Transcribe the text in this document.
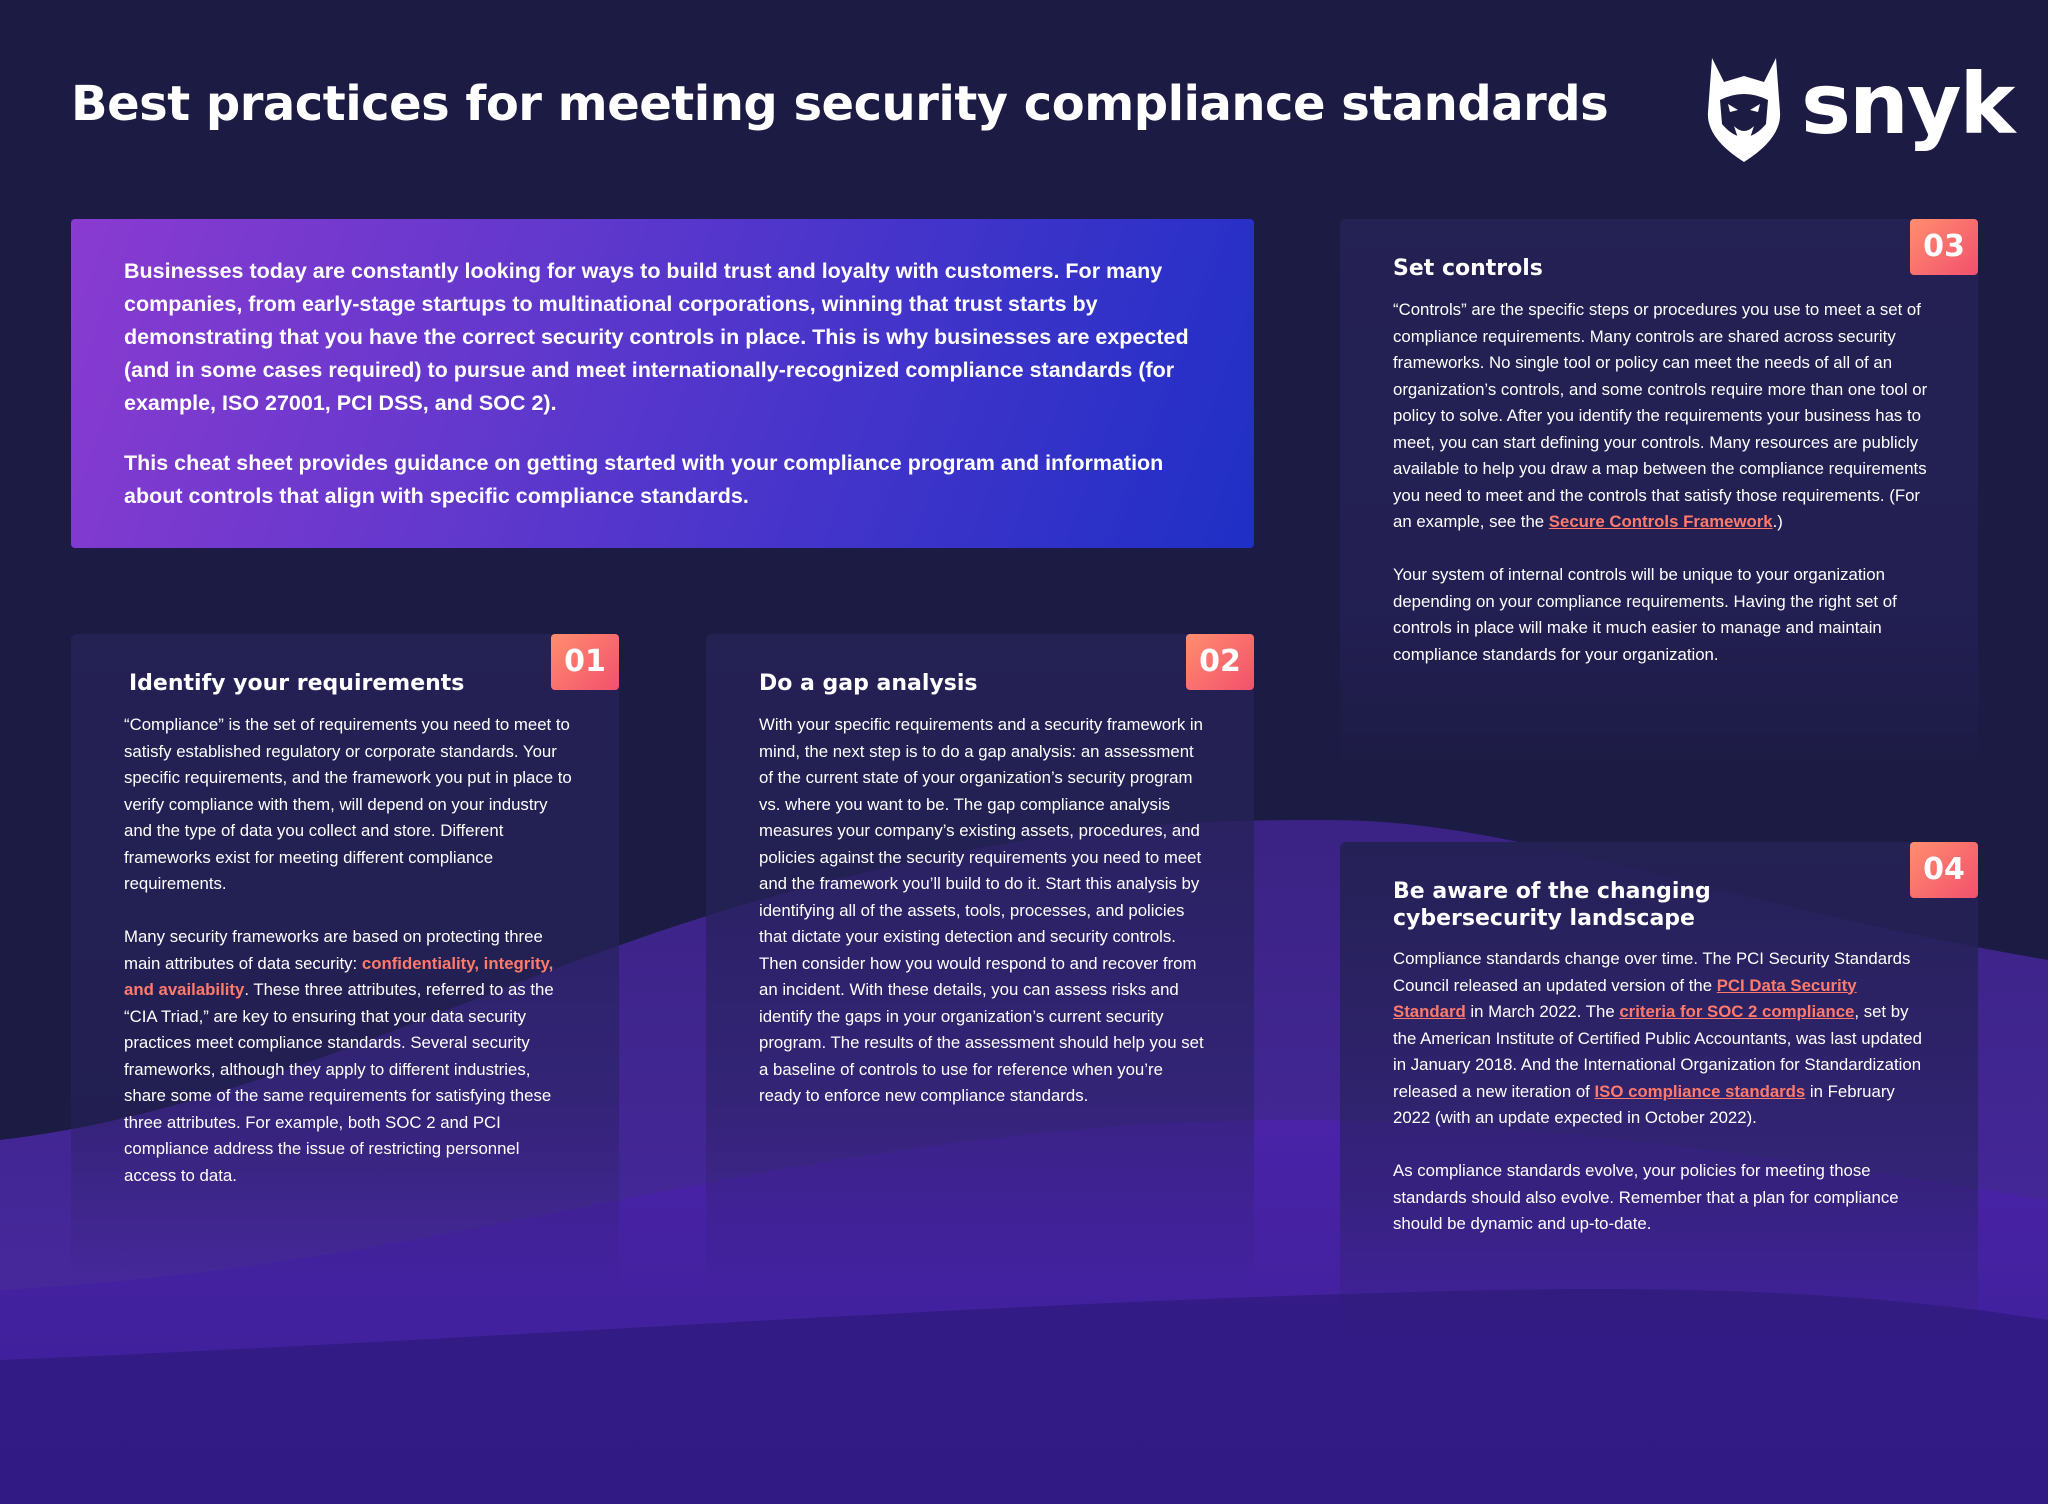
Best practices for meeting security compliance standards snyk

Businesses today are constantly looking for ways to build trust and loyalty with customers. For many companies, from early-stage startups to multinational corporations, winning that trust starts by demonstrating that you have the correct security controls in place. This is why businesses are expected (and in some cases required) to pursue and meet internationally-recognized compliance standards (for example, ISO 27001, PCI DSS, and SOC 2).

This cheat sheet provides guidance on getting started with your compliance program and information about controls that align with specific compliance standards.

01
Identify your requirements

“Compliance” is the set of requirements you need to meet to satisfy established regulatory or corporate standards. Your specific requirements, and the framework you put in place to verify compliance with them, will depend on your industry and the type of data you collect and store. Different frameworks exist for meeting different compliance requirements.

Many security frameworks are based on protecting three main attributes of data security: confidentiality, integrity, and availability. These three attributes, referred to as the “CIA Triad,” are key to ensuring that your data security practices meet compliance standards. Several security frameworks, although they apply to different industries, share some of the same requirements for satisfying these three attributes. For example, both SOC 2 and PCI compliance address the issue of restricting personnel access to data.

02
Do a gap analysis

With your specific requirements and a security framework in mind, the next step is to do a gap analysis: an assessment of the current state of your organization’s security program vs. where you want to be. The gap compliance analysis measures your company’s existing assets, procedures, and policies against the security requirements you need to meet and the framework you’ll build to do it. Start this analysis by identifying all of the assets, tools, processes, and policies that dictate your existing detection and security controls. Then consider how you would respond to and recover from an incident. With these details, you can assess risks and identify the gaps in your organization’s current security program. The results of the assessment should help you set a baseline of controls to use for reference when you’re ready to enforce new compliance standards.

03
Set controls

“Controls” are the specific steps or procedures you use to meet a set of compliance requirements. Many controls are shared across security frameworks. No single tool or policy can meet the needs of all of an organization’s controls, and some controls require more than one tool or policy to solve. After you identify the requirements your business has to meet, you can start defining your controls. Many resources are publicly available to help you draw a map between the compliance requirements you need to meet and the controls that satisfy those requirements. (For an example, see the Secure Controls Framework.)

Your system of internal controls will be unique to your organization depending on your compliance requirements. Having the right set of controls in place will make it much easier to manage and maintain compliance standards for your organization.

04
Be aware of the changing cybersecurity landscape

Compliance standards change over time. The PCI Security Standards Council released an updated version of the PCI Data Security Standard in March 2022. The criteria for SOC 2 compliance, set by the American Institute of Certified Public Accountants, was last updated in January 2018. And the International Organization for Standardization released a new iteration of ISO compliance standards in February 2022 (with an update expected in October 2022).

As compliance standards evolve, your policies for meeting those standards should also evolve. Remember that a plan for compliance should be dynamic and up-to-date.
